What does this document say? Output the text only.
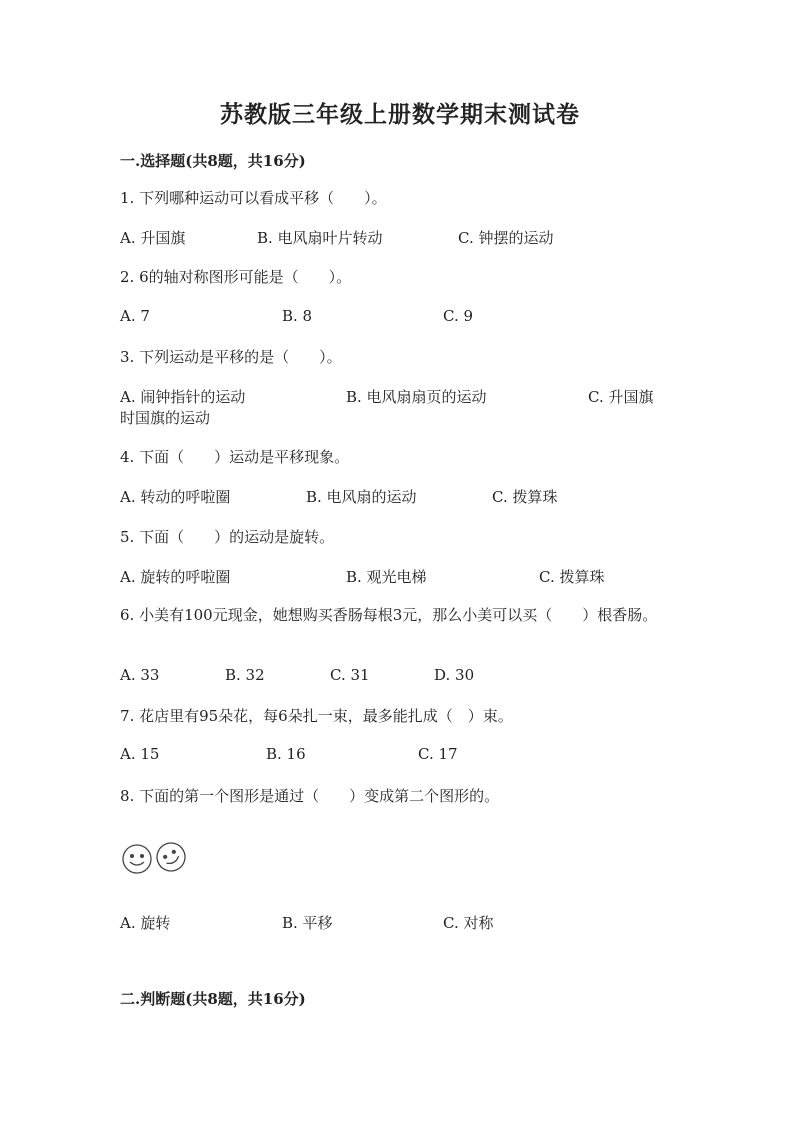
苏教版三年级上册数学期末测试卷
一.选择题(共8题，共16分)
1. 下列哪种运动可以看成平移（　　）。
A. 升国旗	B. 电风扇叶片转动	C. 钟摆的运动
2. 6的轴对称图形可能是（　　）。
A. 7	B. 8	C. 9
3. 下列运动是平移的是（　　）。
A. 闹钟指针的运动	B. 电风扇扇页的运动	C. 升国旗
时国旗的运动
4. 下面（　　）运动是平移现象。
A. 转动的呼啦圈	B. 电风扇的运动	C. 拨算珠
5. 下面（　　）的运动是旋转。
A. 旋转的呼啦圈	B. 观光电梯	C. 拨算珠
6. 小美有100元现金，她想购买香肠每根3元，那么小美可以买（　　）根香肠。
A. 33	B. 32	C. 31	D. 30
7. 花店里有95朵花，每6朵扎一束，最多能扎成（　）束。
A. 15	B. 16	C. 17
8. 下面的第一个图形是通过（　　）变成第二个图形的。
A. 旋转	B. 平移	C. 对称
二.判断题(共8题，共16分)
